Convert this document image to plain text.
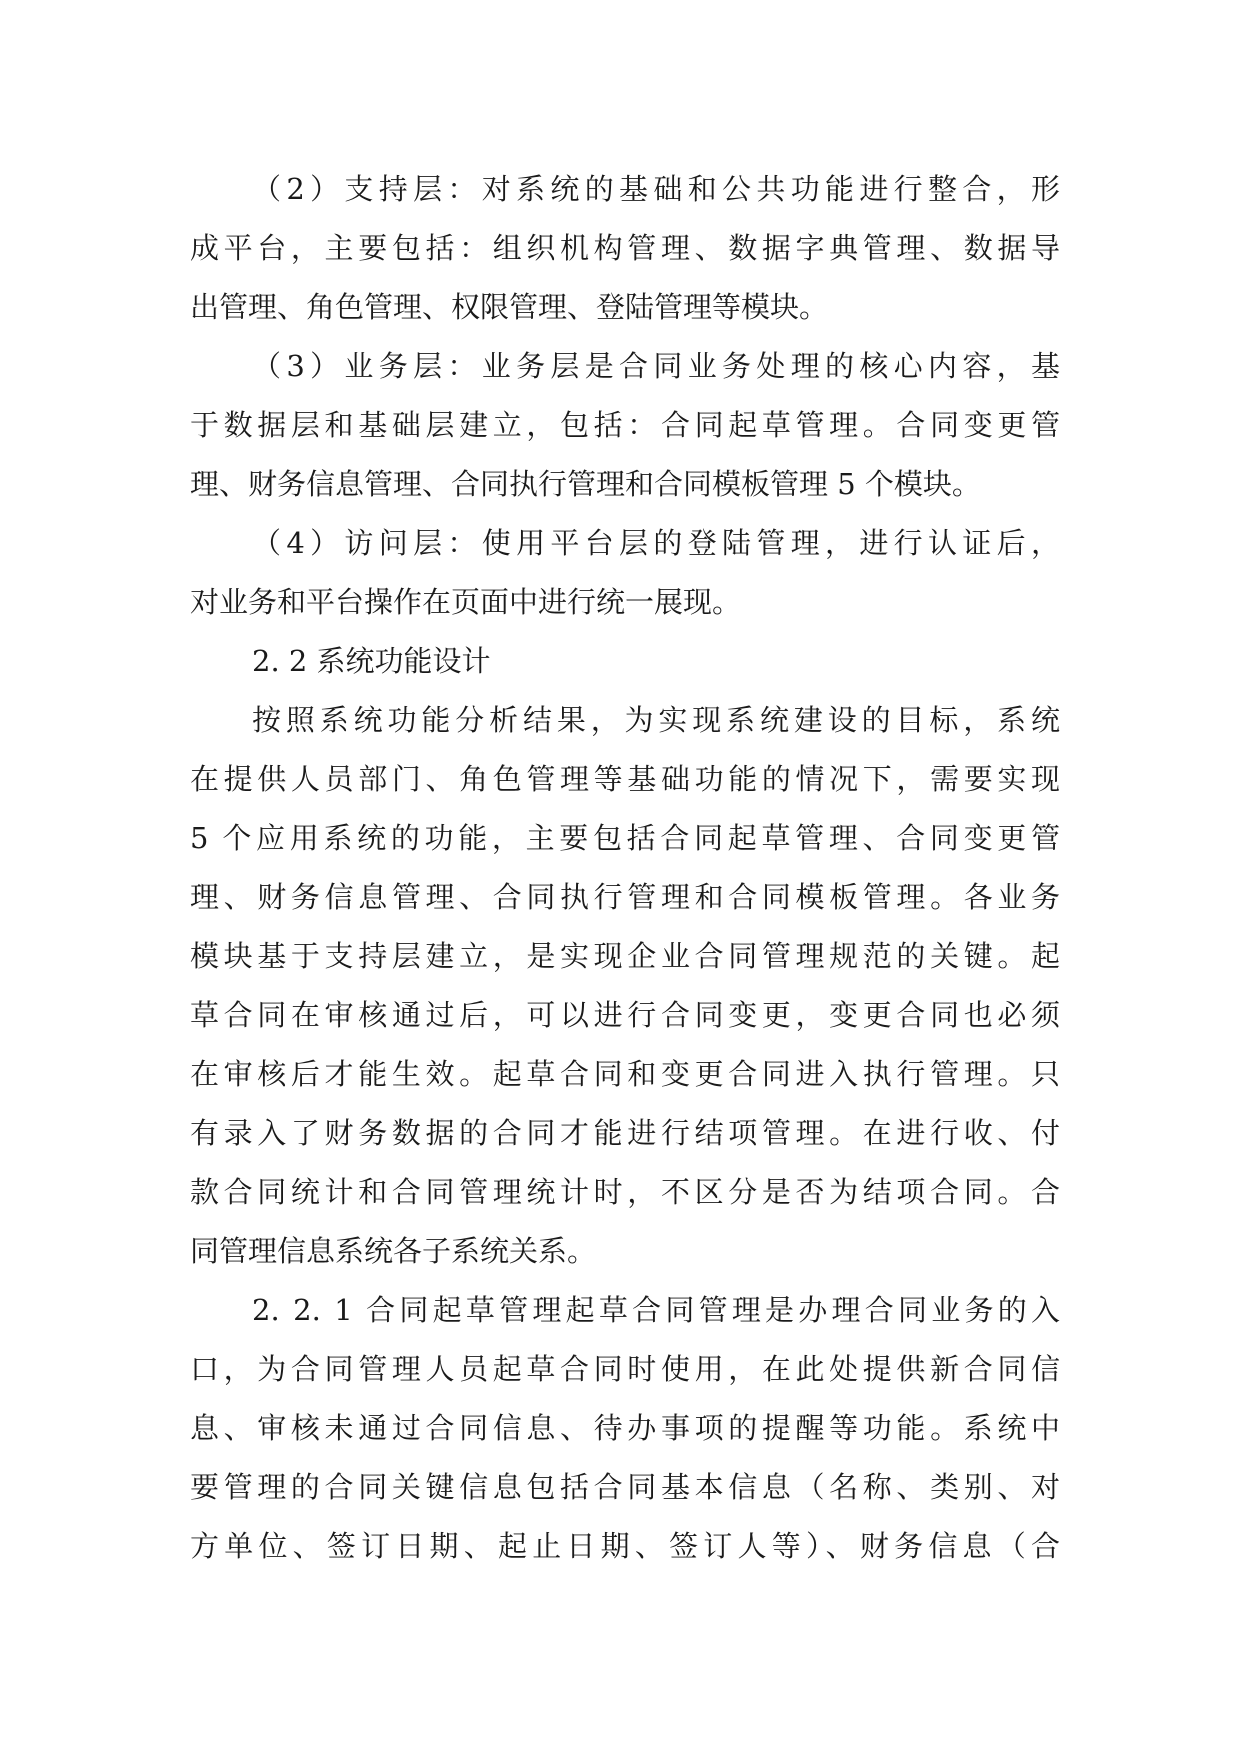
（2）支持层：对系统的基础和公共功能进行整合，形
成平台，主要包括：组织机构管理、数据字典管理、数据导
出管理、角色管理、权限管理、登陆管理等模块。
（3）业务层：业务层是合同业务处理的核心内容，基
于数据层和基础层建立，包括：合同起草管理。合同变更管
理、财务信息管理、合同执行管理和合同模板管理 5 个模块。
（4）访问层：使用平台层的登陆管理，进行认证后，
对业务和平台操作在页面中进行统一展现。
2. 2 系统功能设计
按照系统功能分析结果，为实现系统建设的目标，系统
在提供人员部门、角色管理等基础功能的情况下，需要实现
5 个应用系统的功能，主要包括合同起草管理、合同变更管
理、财务信息管理、合同执行管理和合同模板管理。各业务
模块基于支持层建立，是实现企业合同管理规范的关键。起
草合同在审核通过后，可以进行合同变更，变更合同也必须
在审核后才能生效。起草合同和变更合同进入执行管理。只
有录入了财务数据的合同才能进行结项管理。在进行收、付
款合同统计和合同管理统计时，不区分是否为结项合同。合
同管理信息系统各子系统关系。
2. 2. 1 合同起草管理起草合同管理是办理合同业务的入
口，为合同管理人员起草合同时使用，在此处提供新合同信
息、审核未通过合同信息、待办事项的提醒等功能。系统中
要管理的合同关键信息包括合同基本信息（名称、类别、对
方单位、签订日期、起止日期、签订人等）、财务信息（合
